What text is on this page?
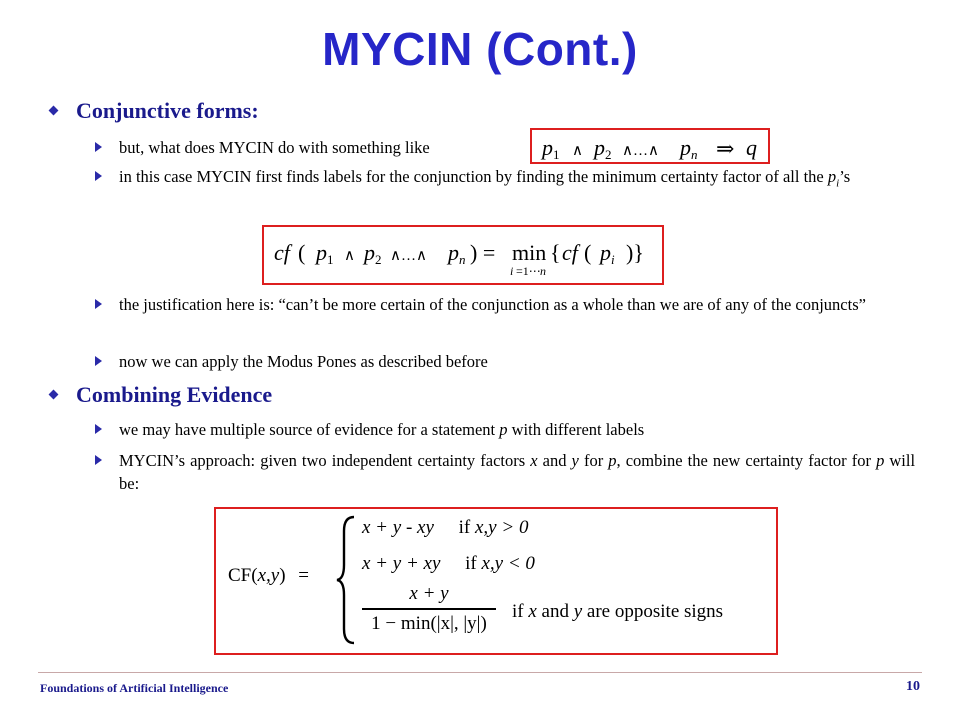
MYCIN (Cont.)
Conjunctive forms:
but, what does MYCIN do with something like	p1 ∧ p2 ∧…∧ pn ⇒ q
in this case MYCIN first finds labels for the conjunction by finding the minimum certainty factor of all the $p_i’s$
cf ( p1 ∧ p2 ∧…∧ pn ) = min
i =1⋯ n
{ cf ( pi )}
the justification here is: “can’t be more certain of the conjunction as a whole than we are of any of the conjuncts”
now we can apply the Modus Pones as described before
Combining Evidence
we may have multiple source of evidence for a statement p with different labels
MYCIN’s approach: given two independent certainty factors x and y for p, combine the new certainty factor for p will be:
CF(x,y) =
x + y - xy if x,y > 0
x + y + xy if x,y < 0
x + y
1 − min(|x|, |y|)
if x and y are opposite signs
Foundations of Artificial Intelligence	10
